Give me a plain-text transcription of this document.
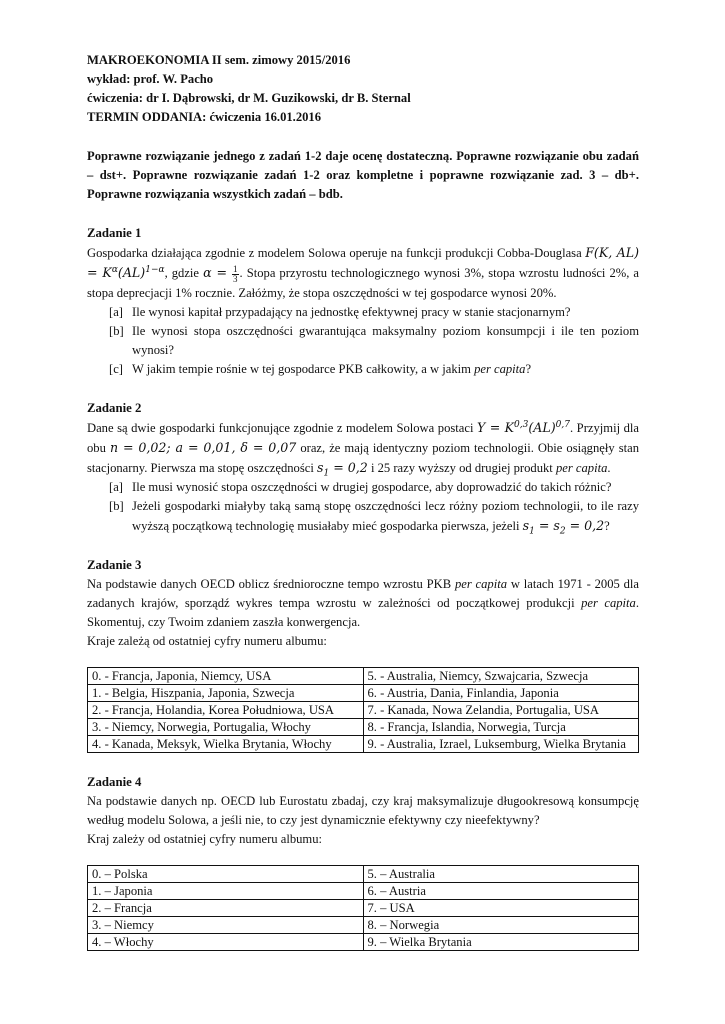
MAKROEKONOMIA II sem. zimowy 2015/2016
wykład: prof. W. Pacho
ćwiczenia: dr I. Dąbrowski, dr M. Guzikowski, dr B. Sternal
TERMIN ODDANIA: ćwiczenia 16.01.2016

Poprawne rozwiązanie jednego z zadań 1-2 daje ocenę dostateczną. Poprawne rozwiązanie obu zadań – dst+. Poprawne rozwiązanie zadań 1-2 oraz kompletne i poprawne rozwiązanie zad. 3 – db+. Poprawne rozwiązania wszystkich zadań – bdb.

Zadanie 1

Gospodarka działająca zgodnie z modelem Solowa operuje na funkcji produkcji Cobba-Douglasa F(K, $AL) = K^\alpha(AL)^{1-\alpha}$, gdzie $\alpha = \frac{1}{3}$ . Stopa przyrostu technologicznego wynosi 3%, stopa wzrostu ludności 2%, a stopa deprecjacji 1% rocznie. Załóżmy, że stopa oszczędności w tej gospodarce wynosi 20%.

[a] Ile wynosi kapitał przypadający na jednostkę efektywnej pracy w stanie stacjonarnym?
[b] Ile wynosi stopa oszczędności gwarantująca maksymalny poziom konsumpcji i ile ten poziom wynosi?
[c] W jakim tempie rośnie w tej gospodarce PKB całkowity, a w jakim per capita?
Zadanie 2

Dane są dwie gospodarki funkcjonujące zgodnie z modelem Solowa postaci Y = K$^{0,3}$(AL)$^{0,7}$. Przyjmij dla obu n = 0,02; a = 0,01, δ = 0,07 oraz, że mają identyczny poziom technologii. Obie osiągnęły stan stacjonarny. Pierwsza ma stopę oszczędności $s_1 = 0,2$ i 25 razy wyższy od drugiej produkt per capita.

[a] Ile musi wynosić stopa oszczędności w drugiej gospodarce, aby doprowadzić do takich różnic?
[b] Jeżeli gospodarki miałyby taką samą stopę oszczędności lecz różny poziom technologii, to ile razy wyższą początkową technologię musiałaby mieć gospodarka pierwsza, jeżeli $s_1 = s_2 = 0,2$?
Zadanie 3

Na podstawie danych OECD oblicz średnioroczne tempo wzrostu PKB per capita w latach 1971 - 2005 dla zadanych krajów, sporządź wykres tempa wzrostu w zależności od początkowej produkcji per capita. Skomentuj, czy Twoim zdaniem zaszła konwergencja.

Kraje zależą od ostatniej cyfry numeru albumu:

0. - Francja, Japonia, Niemcy, USA	5. - Australia, Niemcy, Szwajcaria, Szwecja
1. - Belgia, Hiszpania, Japonia, Szwecja	6. - Austria, Dania, Finlandia, Japonia
2. - Francja, Holandia, Korea Południowa, USA	7. - Kanada, Nowa Zelandia, Portugalia, USA
3. - Niemcy, Norwegia, Portugalia, Włochy	8. - Francja, Islandia, Norwegia, Turcja
4. - Kanada, Meksyk, Wielka Brytania, Włochy	9. - Australia, Izrael, Luksemburg, Wielka Brytania
Zadanie 4

Na podstawie danych np. OECD lub Eurostatu zbadaj, czy kraj maksymalizuje długookresową konsumpcję według modelu Solowa, a jeśli nie, to czy jest dynamicznie efektywny czy nieefektywny?

Kraj zależy od ostatniej cyfry numeru albumu:

0. – Polska	5. – Australia
1. – Japonia	6. – Austria
2. – Francja	7. – USA
3. – Niemcy	8. – Norwegia
4. – Włochy	9. – Wielka Brytania
